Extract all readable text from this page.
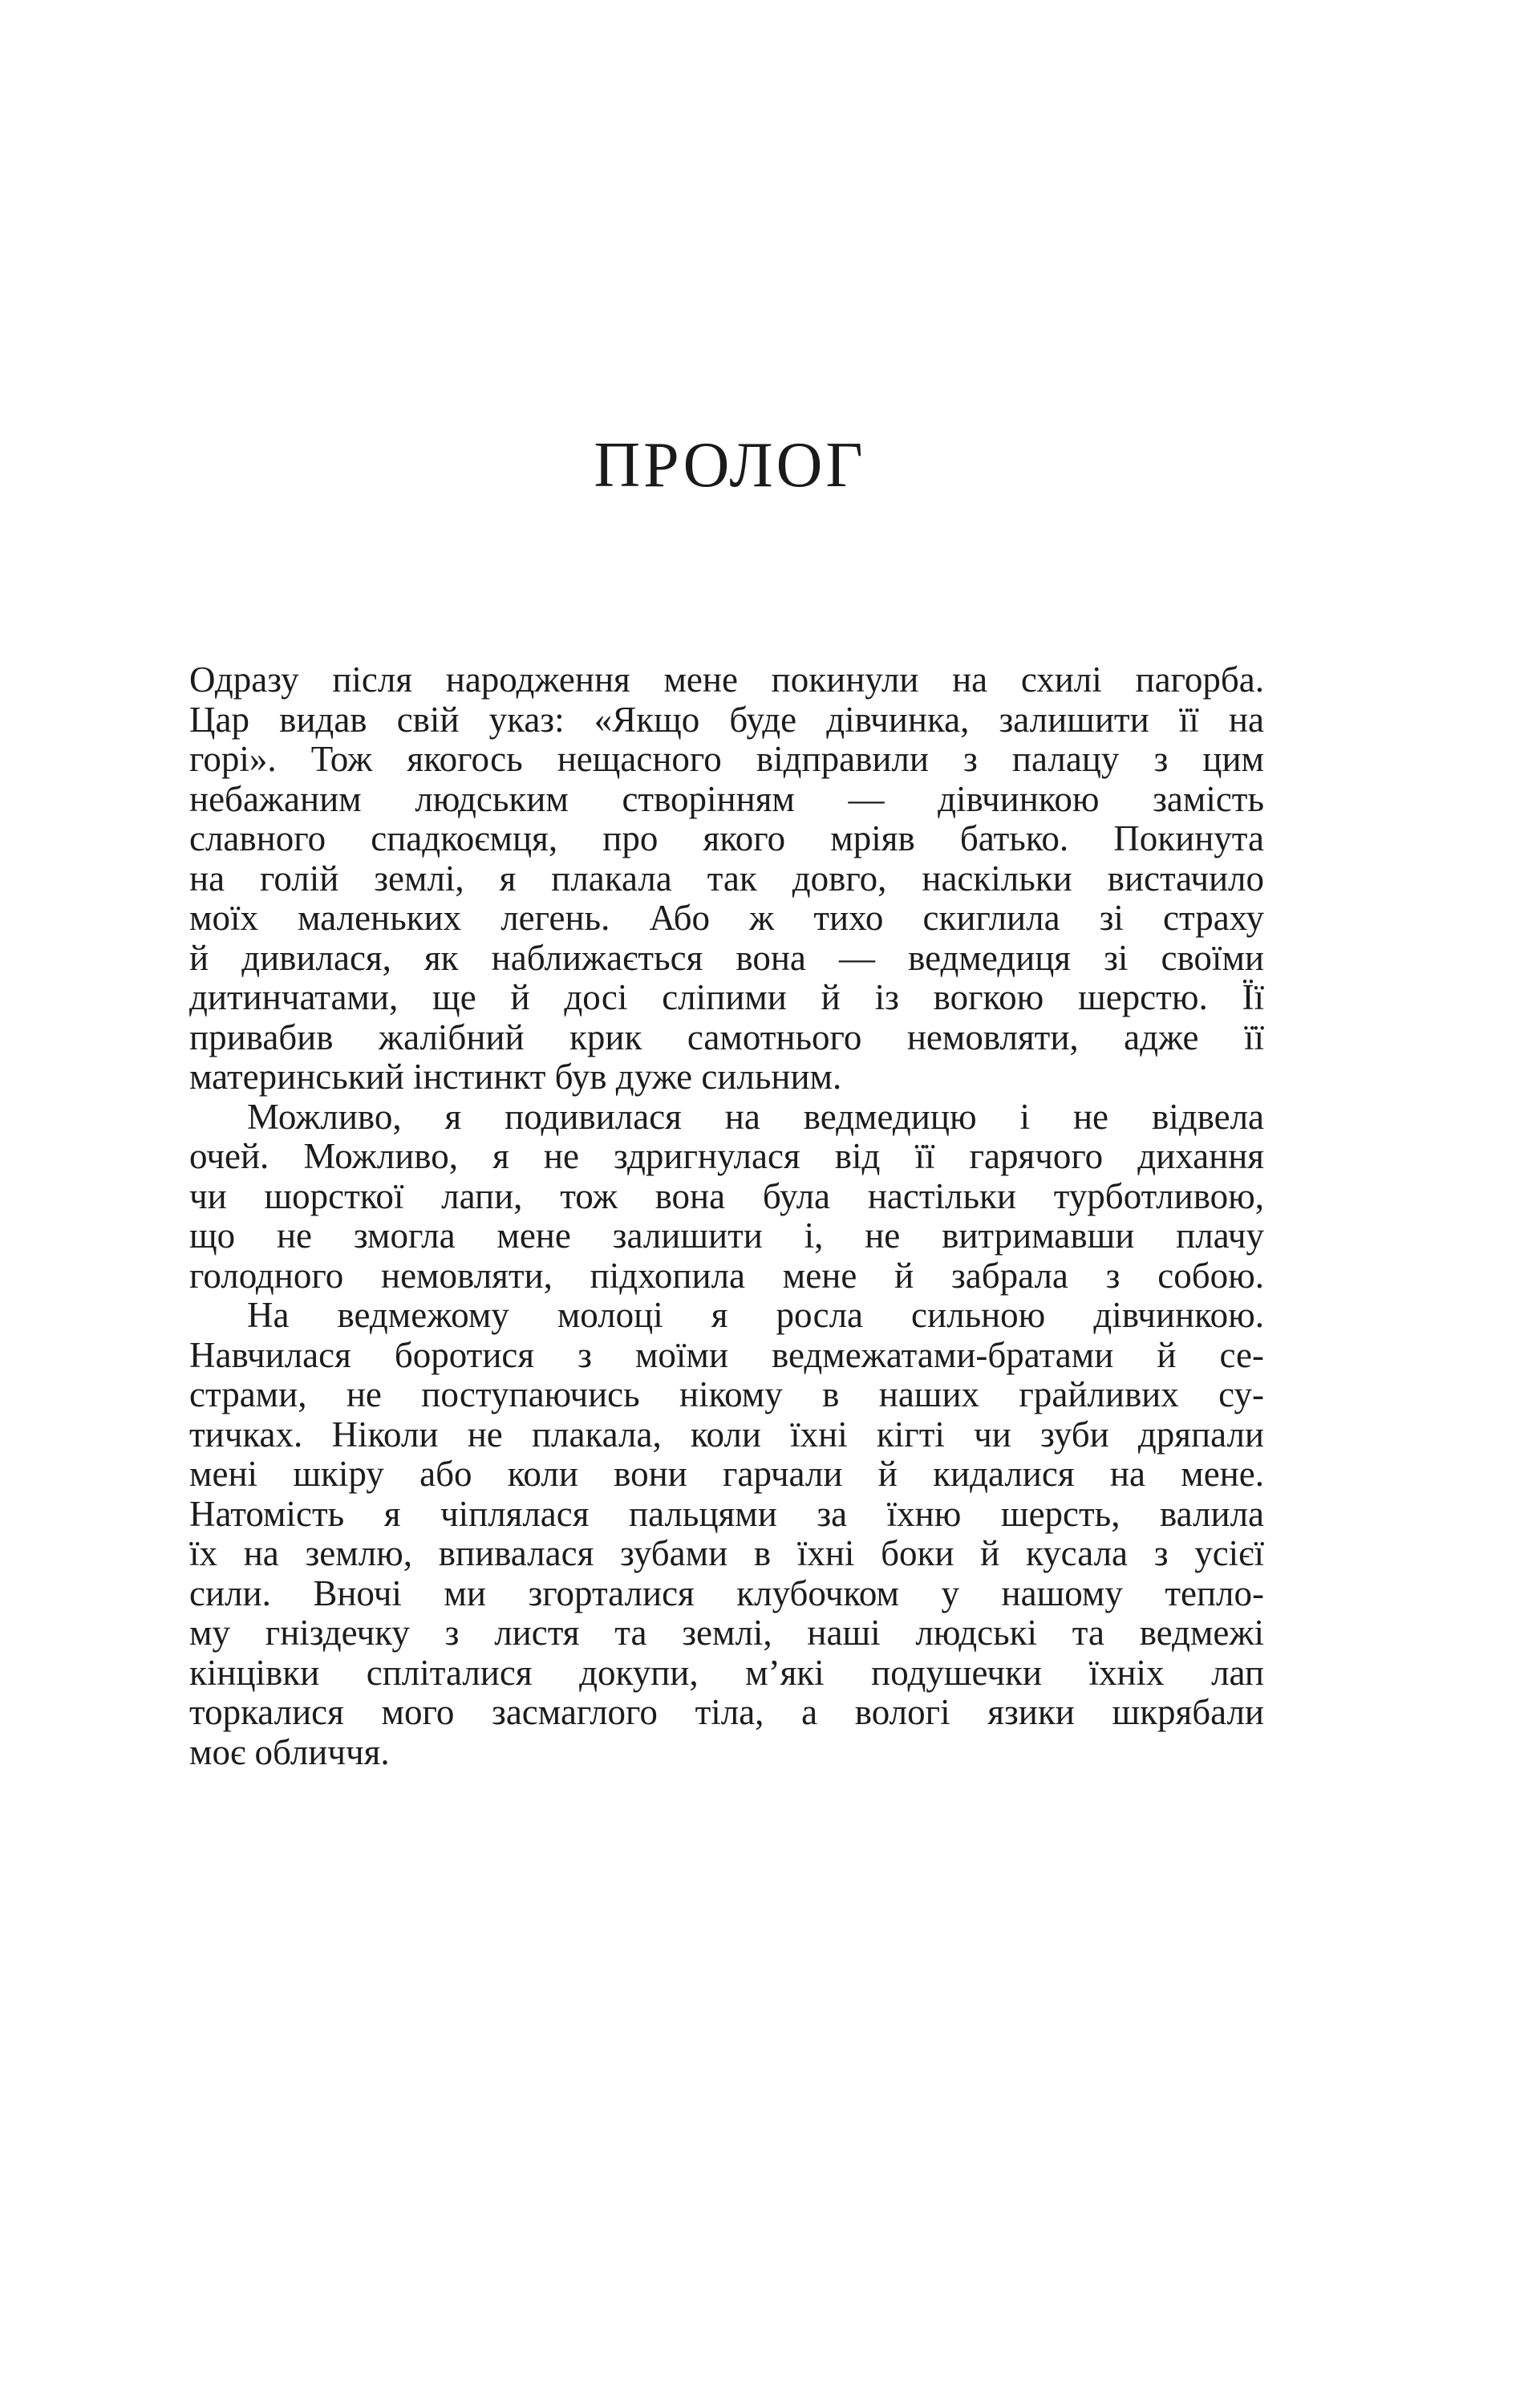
ПРОЛОГ
Одразу після народження мене покинули на схилі пагорба.
Цар видав свій указ: «Якщо буде дівчинка, залишити її на
горі». Тож якогось нещасного відправили з палацу з цим
небажаним людським створінням — дівчинкою замість
славного спадкоємця, про якого мріяв батько. Покинута
на голій землі, я плакала так довго, наскільки вистачило
моїх маленьких легень. Або ж тихо скиглила зі страху
й дивилася, як наближається вона — ведмедиця зі своїми
дитинчатами, ще й досі сліпими й із вогкою шерстю. Її
привабив жалібний крик самотнього немовляти, адже її
материнський інстинкт був дуже сильним.
Можливо, я подивилася на ведмедицю і не відвела
очей. Можливо, я не здригнулася від її гарячого дихання
чи шорсткої лапи, тож вона була настільки турботливою,
що не змогла мене залишити і, не витримавши плачу
голодного немовляти, підхопила мене й забрала з собою.
На ведмежому молоці я росла сильною дівчинкою.
Навчилася боротися з моїми ведмежатами-братами й се-
страми, не поступаючись нікому в наших грайливих су-
тичках. Ніколи не плакала, коли їхні кігті чи зуби дряпали
мені шкіру або коли вони гарчали й кидалися на мене.
Натомість я чіплялася пальцями за їхню шерсть, валила
їх на землю, впивалася зубами в їхні боки й кусала з усієї
сили. Вночі ми згорталися клубочком у нашому тепло-
му гніздечку з листя та землі, наші людські та ведмежі
кінцівки спліталися докупи, м’які подушечки їхніх лап
торкалися мого засмаглого тіла, а вологі язики шкрябали
моє обличчя.
